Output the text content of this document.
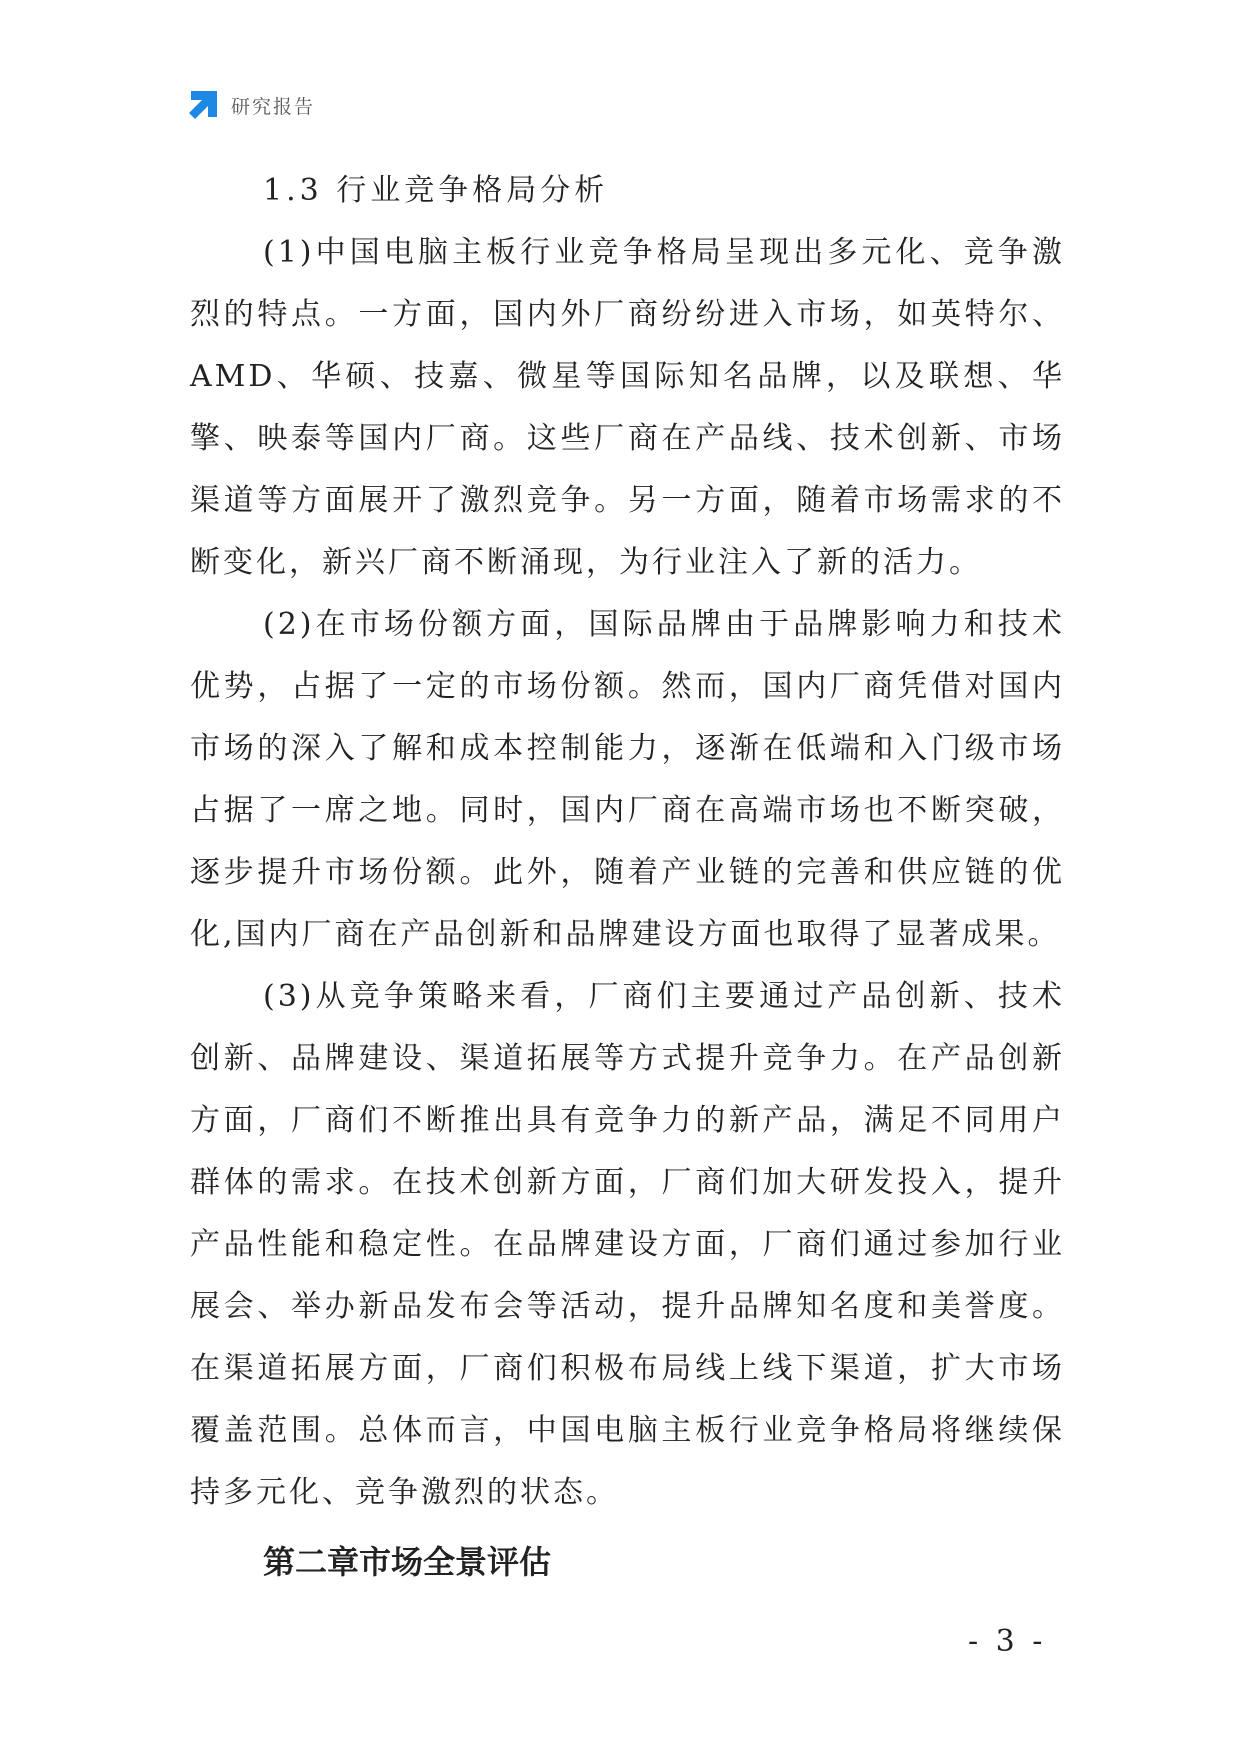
研究报告
1.3 行业竞争格局分析

(1)中国电脑主板行业竞争格局呈现出多元化、竞争激烈的特点。一方面，国内外厂商纷纷进入市场，如英特尔、AMD、华硕、技嘉、微星等国际知名品牌，以及联想、华擎、映泰等国内厂商。这些厂商在产品线、技术创新、市场渠道等方面展开了激烈竞争。另一方面，随着市场需求的不断变化，新兴厂商不断涌现，为行业注入了新的活力。

(2)在市场份额方面，国际品牌由于品牌影响力和技术优势，占据了一定的市场份额。然而，国内厂商凭借对国内市场的深入了解和成本控制能力，逐渐在低端和入门级市场占据了一席之地。同时，国内厂商在高端市场也不断突破，逐步提升市场份额。此外，随着产业链的完善和供应链的优化,国内厂商在产品创新和品牌建设方面也取得了显著成果。

(3)从竞争策略来看，厂商们主要通过产品创新、技术创新、品牌建设、渠道拓展等方式提升竞争力。在产品创新方面，厂商们不断推出具有竞争力的新产品，满足不同用户群体的需求。在技术创新方面，厂商们加大研发投入，提升产品性能和稳定性。在品牌建设方面，厂商们通过参加行业展会、举办新品发布会等活动，提升品牌知名度和美誉度。在渠道拓展方面，厂商们积极布局线上线下渠道，扩大市场覆盖范围。总体而言，中国电脑主板行业竞争格局将继续保持多元化、竞争激烈的状态。

第二章市场全景评估
- 3 -
